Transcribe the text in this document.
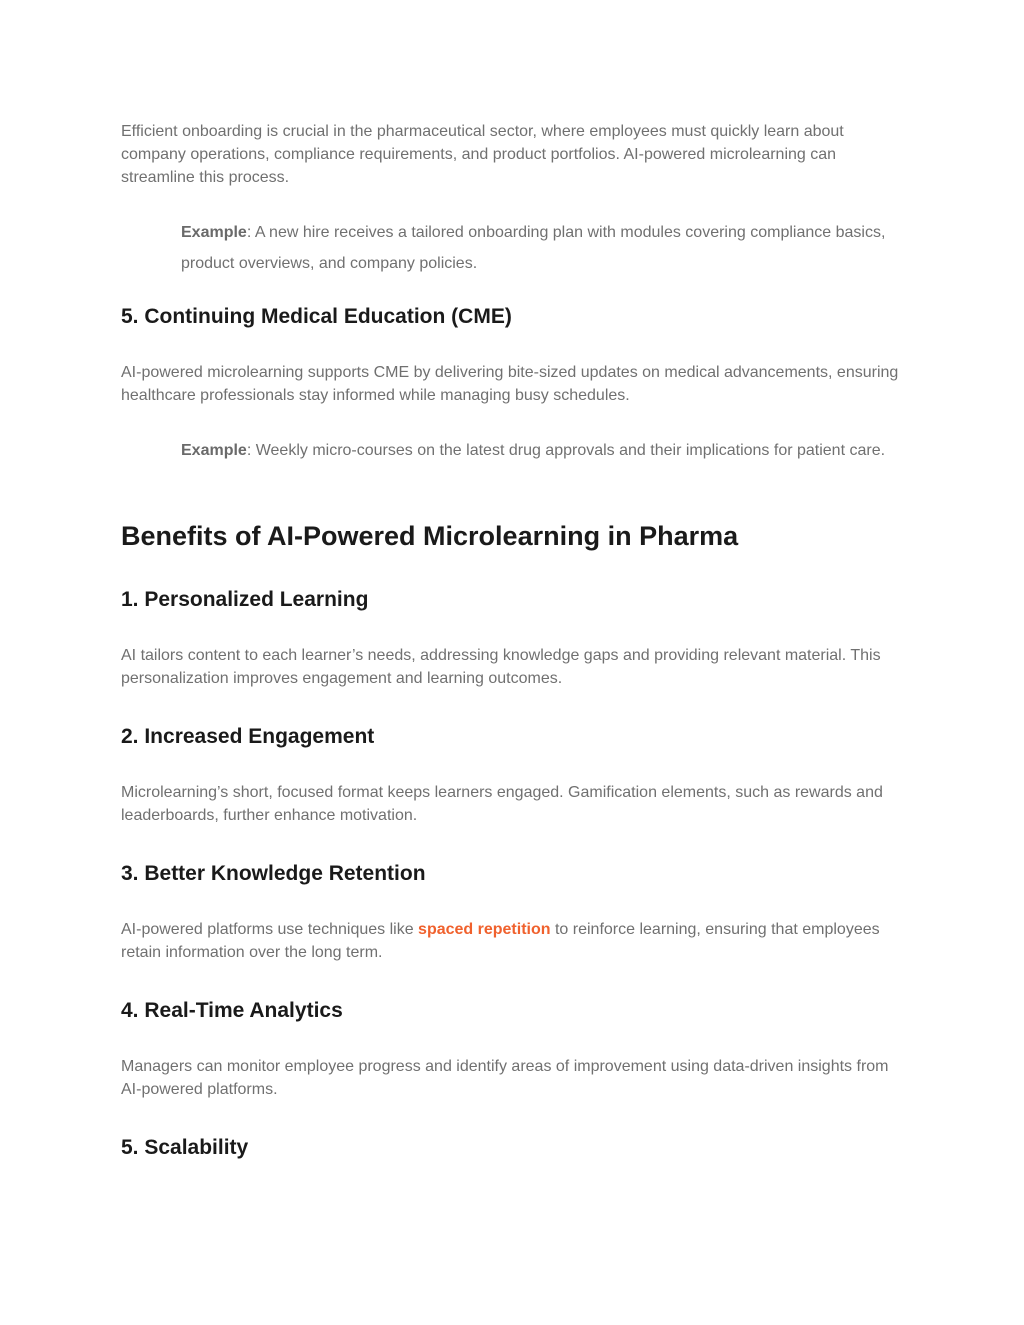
Efficient onboarding is crucial in the pharmaceutical sector, where employees must quickly learn about company operations, compliance requirements, and product portfolios. AI-powered microlearning can streamline this process.

Example: A new hire receives a tailored onboarding plan with modules covering compliance basics, product overviews, and company policies.

5. Continuing Medical Education (CME)

AI-powered microlearning supports CME by delivering bite-sized updates on medical advancements, ensuring healthcare professionals stay informed while managing busy schedules.

Example: Weekly micro-courses on the latest drug approvals and their implications for patient care.

Benefits of AI-Powered Microlearning in Pharma
1. Personalized Learning

AI tailors content to each learner’s needs, addressing knowledge gaps and providing relevant material. This personalization improves engagement and learning outcomes.

2. Increased Engagement

Microlearning’s short, focused format keeps learners engaged. Gamification elements, such as rewards and leaderboards, further enhance motivation.

3. Better Knowledge Retention

AI-powered platforms use techniques like spaced repetition to reinforce learning, ensuring that employees retain information over the long term.

4. Real-Time Analytics

Managers can monitor employee progress and identify areas of improvement using data-driven insights from AI-powered platforms.

5. Scalability
